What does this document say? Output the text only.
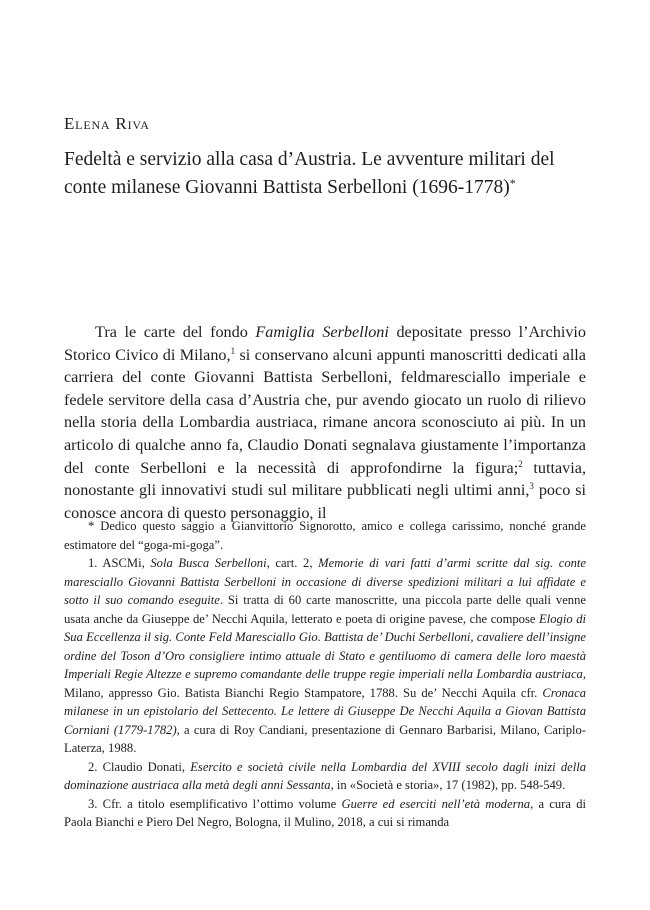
Elena Riva
Fedeltà e servizio alla casa d’Austria. Le avventure militari del conte milanese Giovanni Battista Serbelloni (1696-1778)*

Tra le carte del fondo Famiglia Serbelloni depositate presso l’Archivio Storico Civico di Milano,$^1$ si conservano alcuni appunti manoscritti dedicati alla carriera del conte Giovanni Battista Serbelloni, feldmaresciallo imperiale e fedele servitore della casa d’Austria che, pur avendo giocato un ruolo di rilievo nella storia della Lombardia austriaca, rimane ancora sconosciuto ai più. In un articolo di qualche anno fa, Claudio Donati segnalava giustamente l’importanza del conte Serbelloni e la necessità di approfondirne la figura;$^2$ tuttavia, nonostante gli innovativi studi sul militare pubblicati negli ultimi anni,$^3$ poco si conosce ancora di questo personaggio, il

* Dedico questo saggio a Gianvittorio Signorotto, amico e collega carissimo, nonché grande estimatore del “goga-mi-goga”.

1. ASCMi, Sola Busca Serbelloni, cart. 2, Memorie di vari fatti d’armi scritte dal sig. conte maresciallo Giovanni Battista Serbelloni in occasione di diverse spedizioni militari a lui affidate e sotto il suo comando eseguite. Si tratta di 60 carte manoscritte, una piccola parte delle quali venne usata anche da Giuseppe de’ Necchi Aquila, letterato e poeta di origine pavese, che compose Elogio di Sua Eccellenza il sig. Conte Feld Maresciallo Gio. Battista de’ Duchi Serbelloni, cavaliere dell’insigne ordine del Toson d’Oro consigliere intimo attuale di Stato e gentiluomo di camera delle loro maestà Imperiali Regie Altezze e supremo comandante delle truppe regie imperiali nella Lombardia austriaca, Milano, appresso Gio. Batista Bianchi Regio Stampatore, 1788. Su de’ Necchi Aquila cfr. Cronaca milanese in un epistolario del Settecento. Le lettere di Giuseppe De Necchi Aquila a Giovan Battista Corniani (1779-1782), a cura di Roy Candiani, presentazione di Gennaro Barbarisi, Milano, Cariplo-Laterza, 1988.

2. Claudio Donati, Esercito e società civile nella Lombardia del XVIII secolo dagli inizi della dominazione austriaca alla metà degli anni Sessanta, in «Società e storia», 17 (1982), pp. 548-549.

3. Cfr. a titolo esemplificativo l’ottimo volume Guerre ed eserciti nell’età moderna, a cura di Paola Bianchi e Piero Del Negro, Bologna, il Mulino, 2018, a cui si rimanda
